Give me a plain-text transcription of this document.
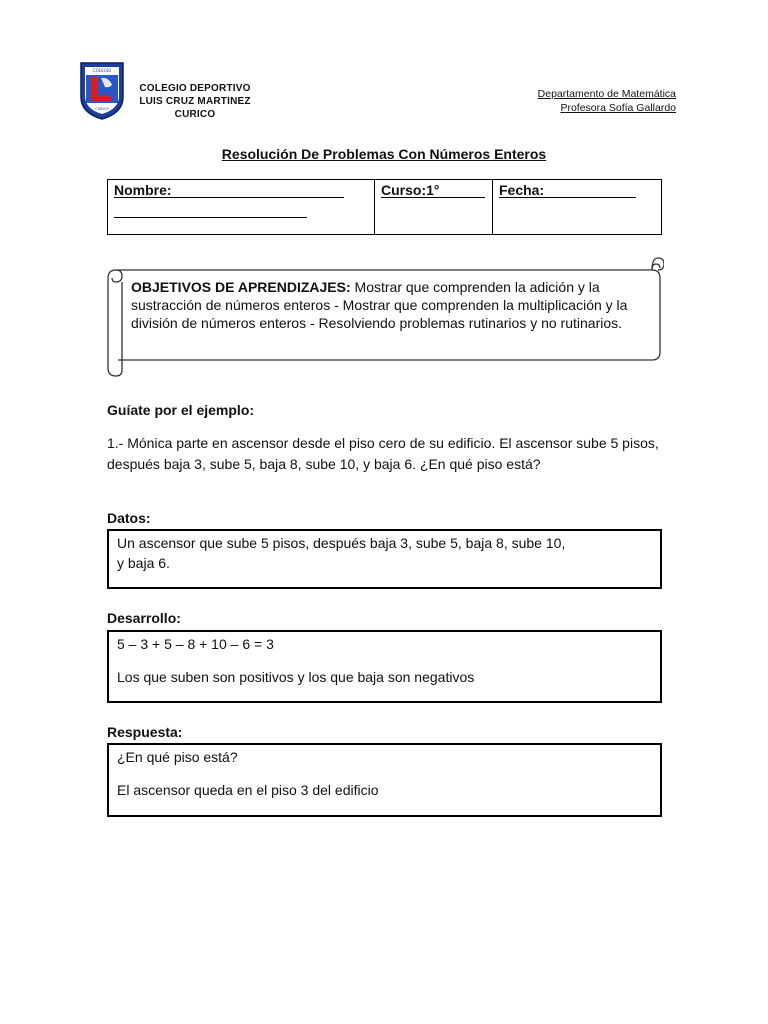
COLEGIO
CURICO
COLEGIO DEPORTIVO
LUIS CRUZ MARTINEZ
CURICO
Departamento de Matemática
Profesora Sofía Gallardo
Resolución De Problemas Con Números Enteros
Nombre:	Curso:1°	Fecha:
OBJETIVOS DE APRENDIZAJES: Mostrar que comprenden la adición y la sustracción de números enteros - Mostrar que comprenden la multiplicación y la división de números enteros - Resolviendo problemas rutinarios y no rutinarios.
Guíate por el ejemplo:
1.- Mónica parte en ascensor desde el piso cero de su edificio. El ascensor sube 5 pisos, después baja 3, sube 5, baja 8, sube 10, y baja 6. ¿En qué piso está?
Datos:

Un ascensor que sube 5 pisos, después baja 3, sube 5, baja 8, sube 10,

y baja 6.

Desarrollo:

5 – 3 + 5 – 8 + 10 – 6 = 3

Los que suben son positivos y los que baja son negativos

Respuesta:

¿En qué piso está?

El ascensor queda en el piso 3 del edificio
